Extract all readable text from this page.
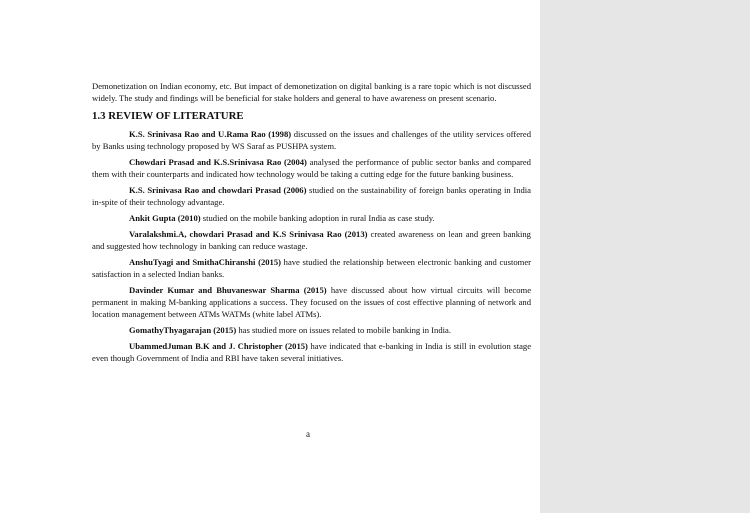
Demonetization on Indian economy, etc. But impact of demonetization on digital banking is a rare topic which is not discussed widely. The study and findings will be beneficial for stake holders and general to have awareness on present scenario.

1.3 REVIEW OF LITERATURE

K.S. Srinivasa Rao and U.Rama Rao (1998) discussed on the issues and challenges of the utility services offered by Banks using technology proposed by WS Saraf as PUSHPA system.

Chowdari Prasad and K.S.Srinivasa Rao (2004) analysed the performance of public sector banks and compared them with their counterparts and indicated how technology would be taking a cutting edge for the future banking business.

K.S. Srinivasa Rao and chowdari Prasad (2006) studied on the sustainability of foreign banks operating in India in-spite of their technology advantage.

Ankit Gupta (2010) studied on the mobile banking adoption in rural India as case study.

Varalakshmi.A, chowdari Prasad and K.S Srinivasa Rao (2013) created awareness on lean and green banking and suggested how technology in banking can reduce wastage.

AnshuTyagi and SmithaChiranshi (2015) have studied the relationship between electronic banking and customer satisfaction in a selected Indian banks.

Davinder Kumar and Bhuvaneswar Sharma (2015) have discussed about how virtual circuits will become permanent in making M-banking applications a success. They focused on the issues of cost effective planning of network and location management between ATMs WATMs (white label ATMs).

GomathyThyagarajan (2015) has studied more on issues related to mobile banking in India.

UbammedJuman B.K and J. Christopher (2015) have indicated that e-banking in India is still in evolution stage even though Government of India and RBI have taken several initiatives.

a
